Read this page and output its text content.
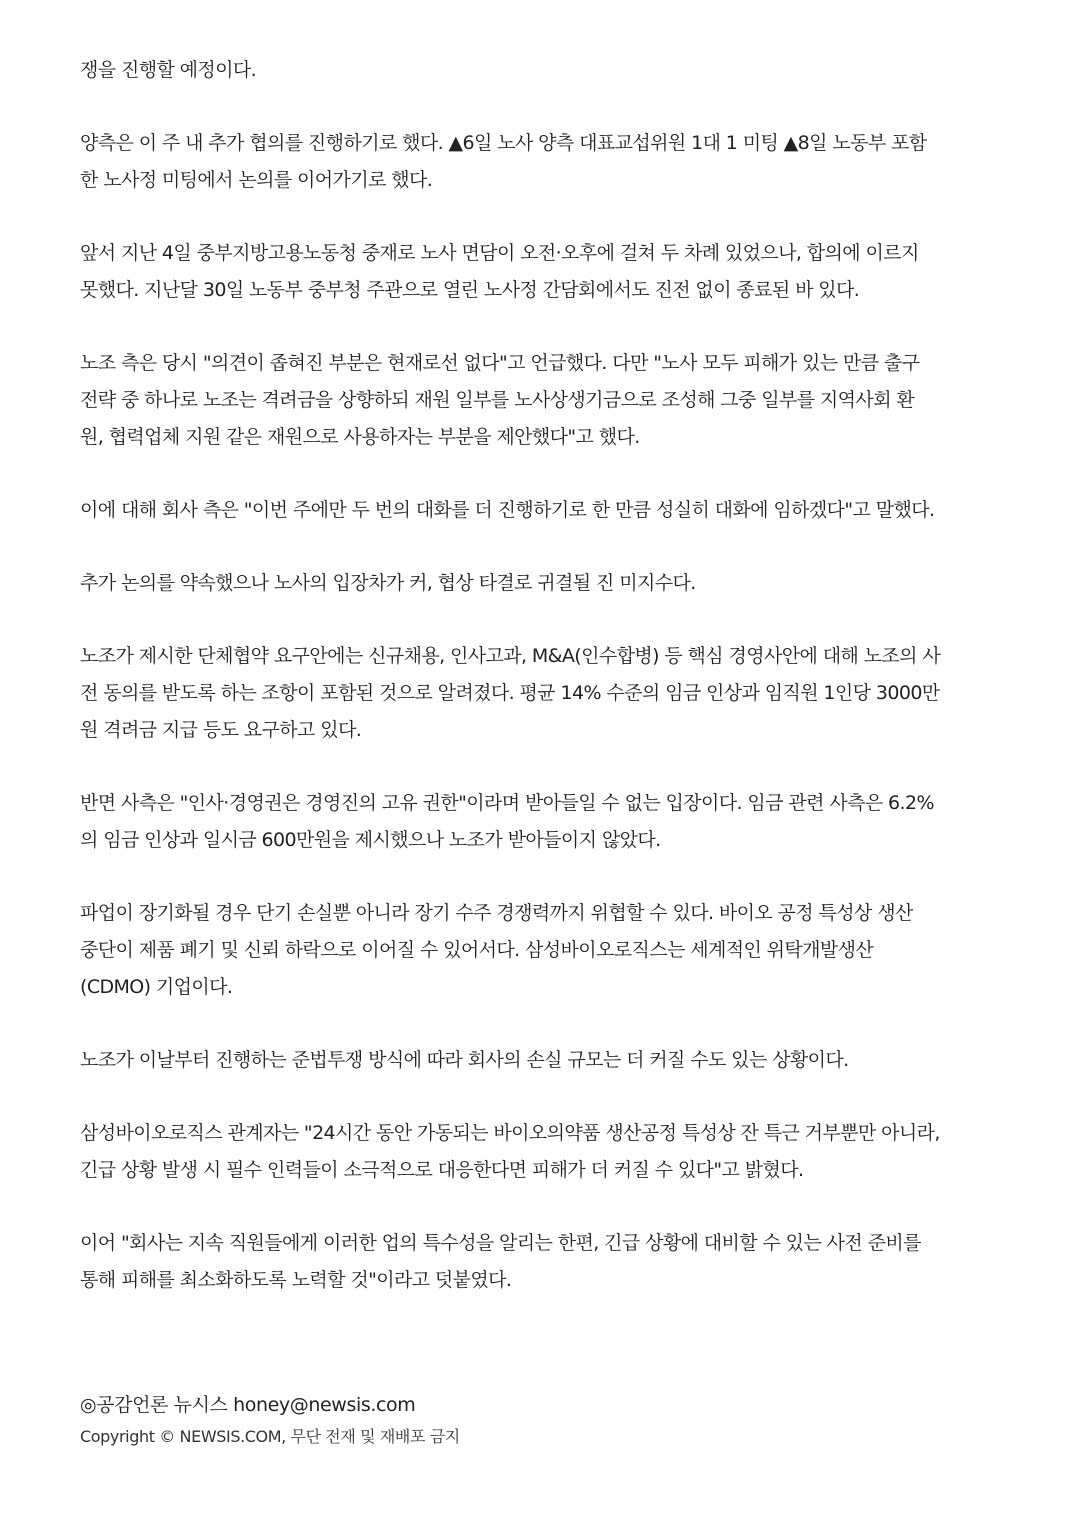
쟁을 진행할 예정이다.

양측은 이 주 내 추가 협의를 진행하기로 했다. ▲6일 노사 양측 대표교섭위원 1대 1 미팅 ▲8일 노동부 포함
한 노사정 미팅에서 논의를 이어가기로 했다.

앞서 지난 4일 중부지방고용노동청 중재로 노사 면담이 오전·오후에 걸쳐 두 차례 있었으나, 합의에 이르지
못했다. 지난달 30일 노동부 중부청 주관으로 열린 노사정 간담회에서도 진전 없이 종료된 바 있다.

노조 측은 당시 "의견이 좁혀진 부분은 현재로선 없다"고 언급했다. 다만 "노사 모두 피해가 있는 만큼 출구
전략 중 하나로 노조는 격려금을 상향하되 재원 일부를 노사상생기금으로 조성해 그중 일부를 지역사회 환
원, 협력업체 지원 같은 재원으로 사용하자는 부분을 제안했다"고 했다.

이에 대해 회사 측은 "이번 주에만 두 번의 대화를 더 진행하기로 한 만큼 성실히 대화에 임하겠다"고 말했다.

추가 논의를 약속했으나 노사의 입장차가 커, 협상 타결로 귀결될 진 미지수다.

노조가 제시한 단체협약 요구안에는 신규채용, 인사고과, M&A(인수합병) 등 핵심 경영사안에 대해 노조의 사
전 동의를 받도록 하는 조항이 포함된 것으로 알려졌다. 평균 14% 수준의 임금 인상과 임직원 1인당 3000만
원 격려금 지급 등도 요구하고 있다.

반면 사측은 "인사·경영권은 경영진의 고유 권한"이라며 받아들일 수 없는 입장이다. 임금 관련 사측은 6.2%
의 임금 인상과 일시금 600만원을 제시했으나 노조가 받아들이지 않았다.

파업이 장기화될 경우 단기 손실뿐 아니라 장기 수주 경쟁력까지 위협할 수 있다. 바이오 공정 특성상 생산
중단이 제품 폐기 및 신뢰 하락으로 이어질 수 있어서다. 삼성바이오로직스는 세계적인 위탁개발생산
(CDMO) 기업이다.

노조가 이날부터 진행하는 준법투쟁 방식에 따라 회사의 손실 규모는 더 커질 수도 있는 상황이다.

삼성바이오로직스 관계자는 "24시간 동안 가동되는 바이오의약품 생산공정 특성상 잔 특근 거부뿐만 아니라,
긴급 상황 발생 시 필수 인력들이 소극적으로 대응한다면 피해가 더 커질 수 있다"고 밝혔다.

이어 "회사는 지속 직원들에게 이러한 업의 특수성을 알리는 한편, 긴급 상황에 대비할 수 있는 사전 준비를
통해 피해를 최소화하도록 노력할 것"이라고 덧붙였다.

◎공감언론 뉴시스 honey@newsis.com
Copyright © NEWSIS.COM, 무단 전재 및 재배포 금지
